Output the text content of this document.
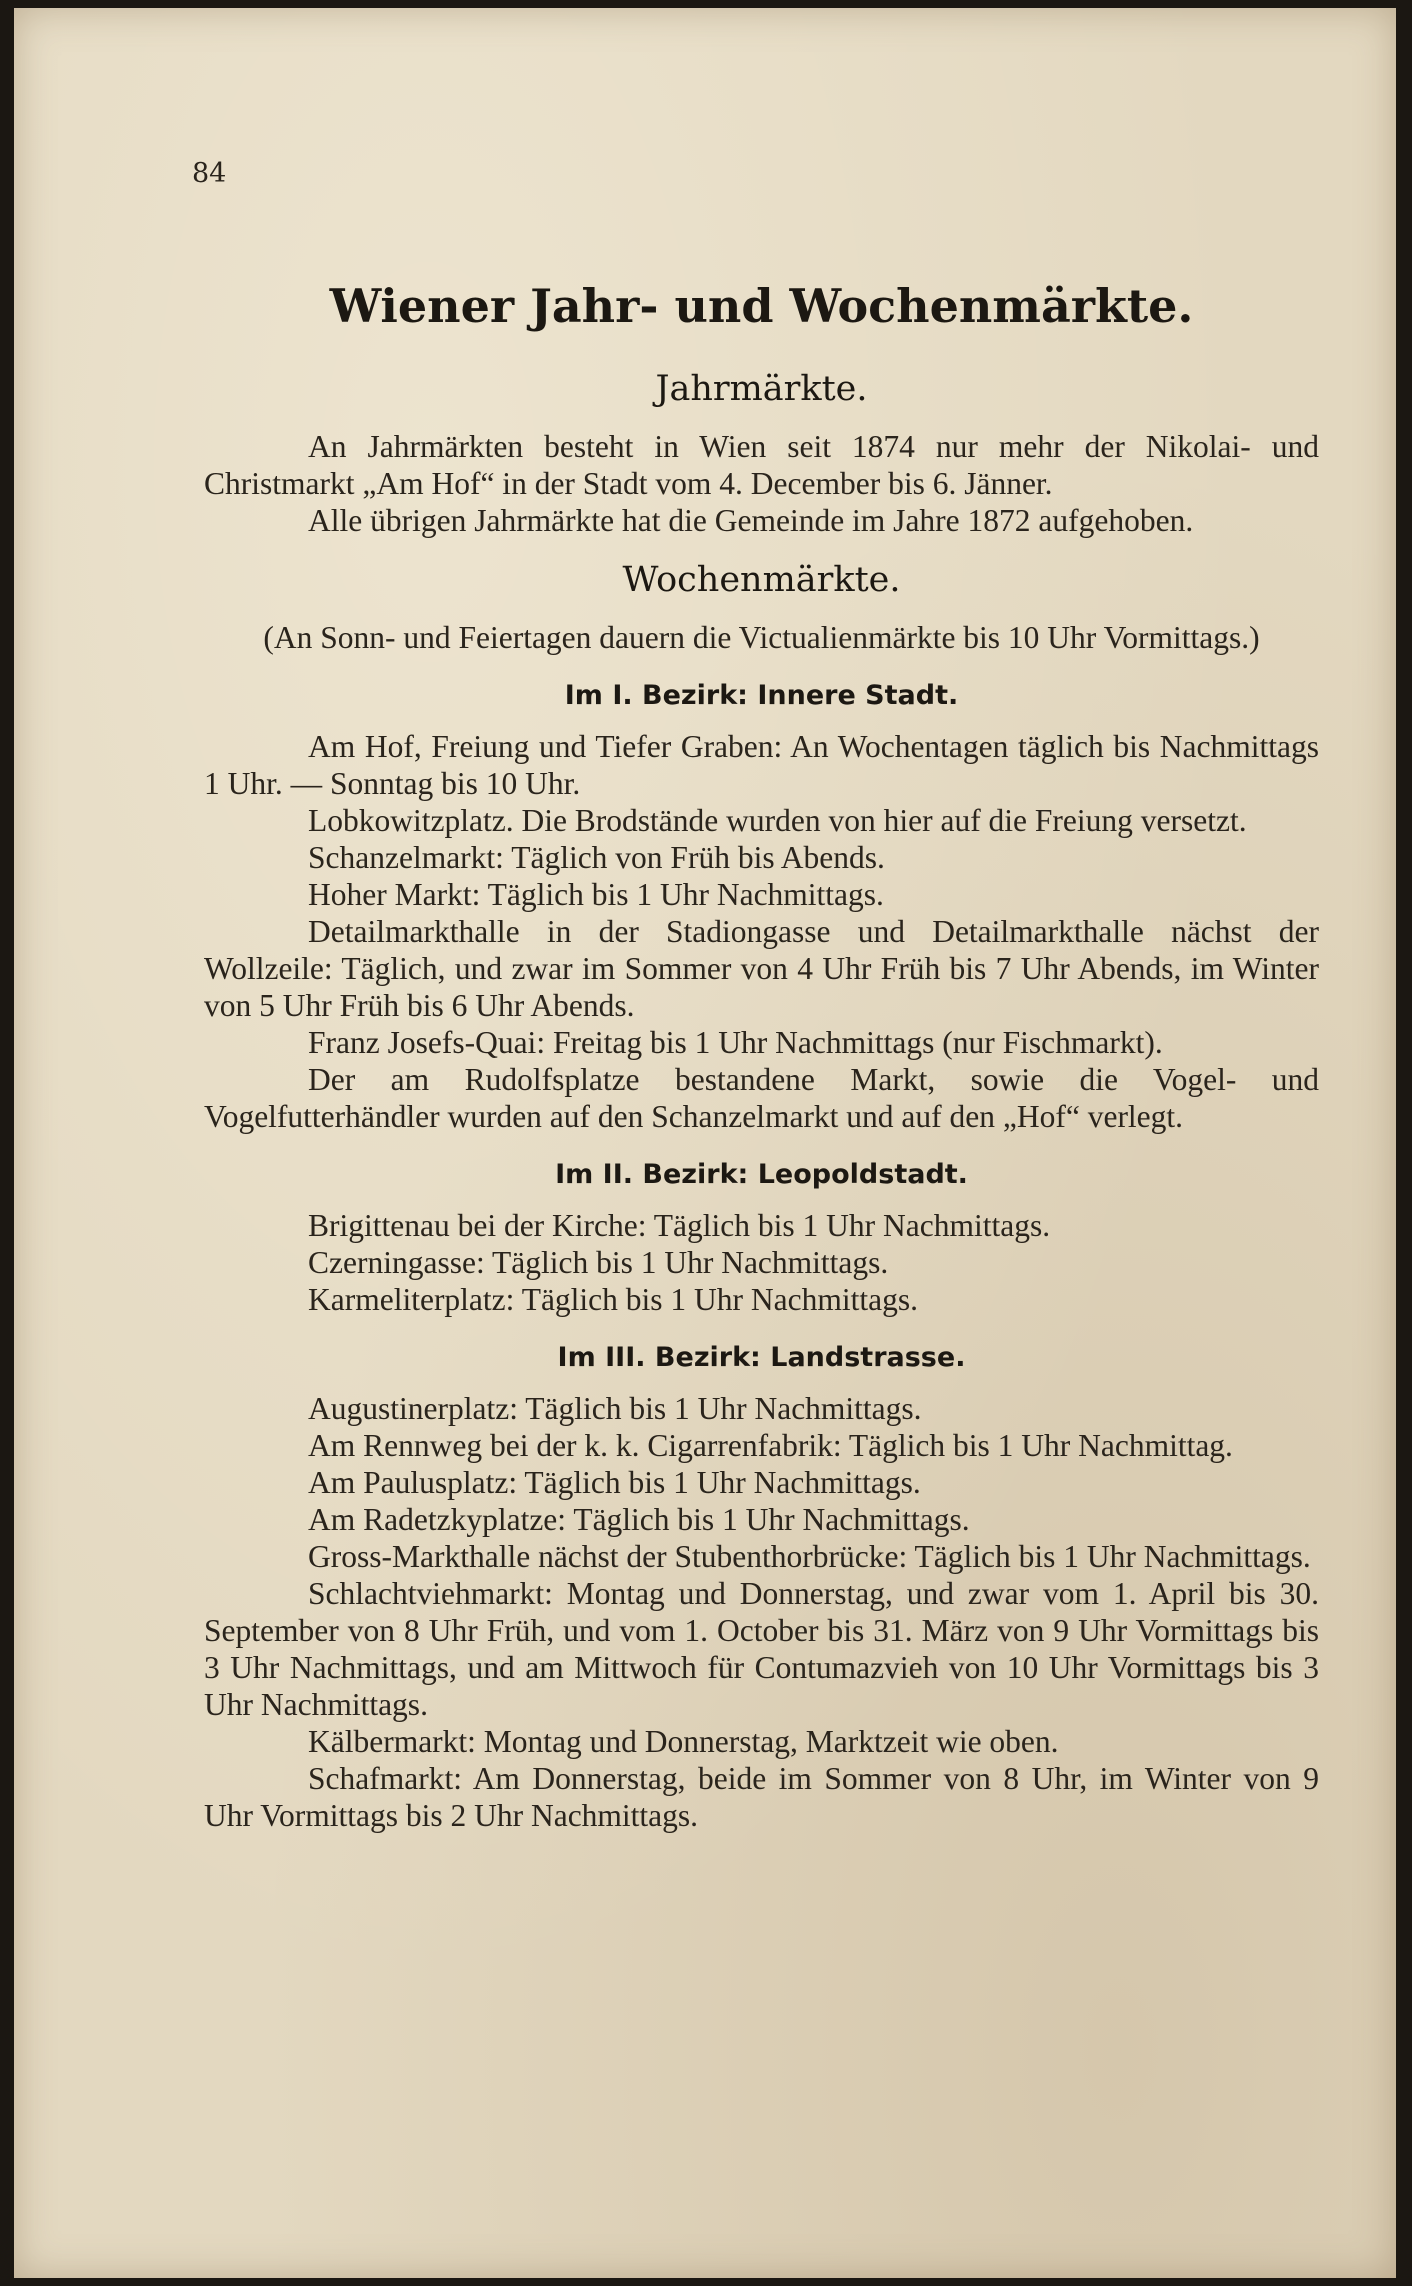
84
Wiener Jahr- und Wochenmärkte.
Jahrmärkte.

An Jahrmärkten besteht in Wien seit 1874 nur mehr der Nikolai- und Christmarkt „Am Hof“ in der Stadt vom 4. December bis 6. Jänner.

Alle übrigen Jahrmärkte hat die Gemeinde im Jahre 1872 aufgehoben.

Wochenmärkte.

(An Sonn- und Feiertagen dauern die Victualienmärkte bis 10 Uhr Vormittags.)

Im I. Bezirk: Innere Stadt.

Am Hof, Freiung und Tiefer Graben: An Wochentagen täglich bis Nachmittags 1 Uhr. — Sonntag bis 10 Uhr.

Lobkowitzplatz. Die Brodstände wurden von hier auf die Freiung versetzt.

Schanzelmarkt: Täglich von Früh bis Abends.

Hoher Markt: Täglich bis 1 Uhr Nachmittags.

Detailmarkthalle in der Stadiongasse und Detailmarkthalle nächst der Wollzeile: Täglich, und zwar im Sommer von 4 Uhr Früh bis 7 Uhr Abends, im Winter von 5 Uhr Früh bis 6 Uhr Abends.

Franz Josefs-Quai: Freitag bis 1 Uhr Nachmittags (nur Fischmarkt).

Der am Rudolfsplatze bestandene Markt, sowie die Vogel- und Vogelfutterhändler wurden auf den Schanzelmarkt und auf den „Hof“ verlegt.

Im II. Bezirk: Leopoldstadt.

Brigittenau bei der Kirche: Täglich bis 1 Uhr Nachmittags.

Czerningasse: Täglich bis 1 Uhr Nachmittags.

Karmeliterplatz: Täglich bis 1 Uhr Nachmittags.

Im III. Bezirk: Landstrasse.

Augustinerplatz: Täglich bis 1 Uhr Nachmittags.

Am Rennweg bei der k. k. Cigarrenfabrik: Täglich bis 1 Uhr Nachmittag.

Am Paulusplatz: Täglich bis 1 Uhr Nachmittags.

Am Radetzkyplatze: Täglich bis 1 Uhr Nachmittags.

Gross-Markthalle nächst der Stubenthorbrücke: Täglich bis 1 Uhr Nachmittags.

Schlachtviehmarkt: Montag und Donnerstag, und zwar vom 1. April bis 30. September von 8 Uhr Früh, und vom 1. October bis 31. März von 9 Uhr Vormittags bis 3 Uhr Nachmittags, und am Mittwoch für Contumazvieh von 10 Uhr Vormittags bis 3 Uhr Nachmittags.

Kälbermarkt: Montag und Donnerstag, Marktzeit wie oben.

Schafmarkt: Am Donnerstag, beide im Sommer von 8 Uhr, im Winter von 9 Uhr Vormittags bis 2 Uhr Nachmittags.
